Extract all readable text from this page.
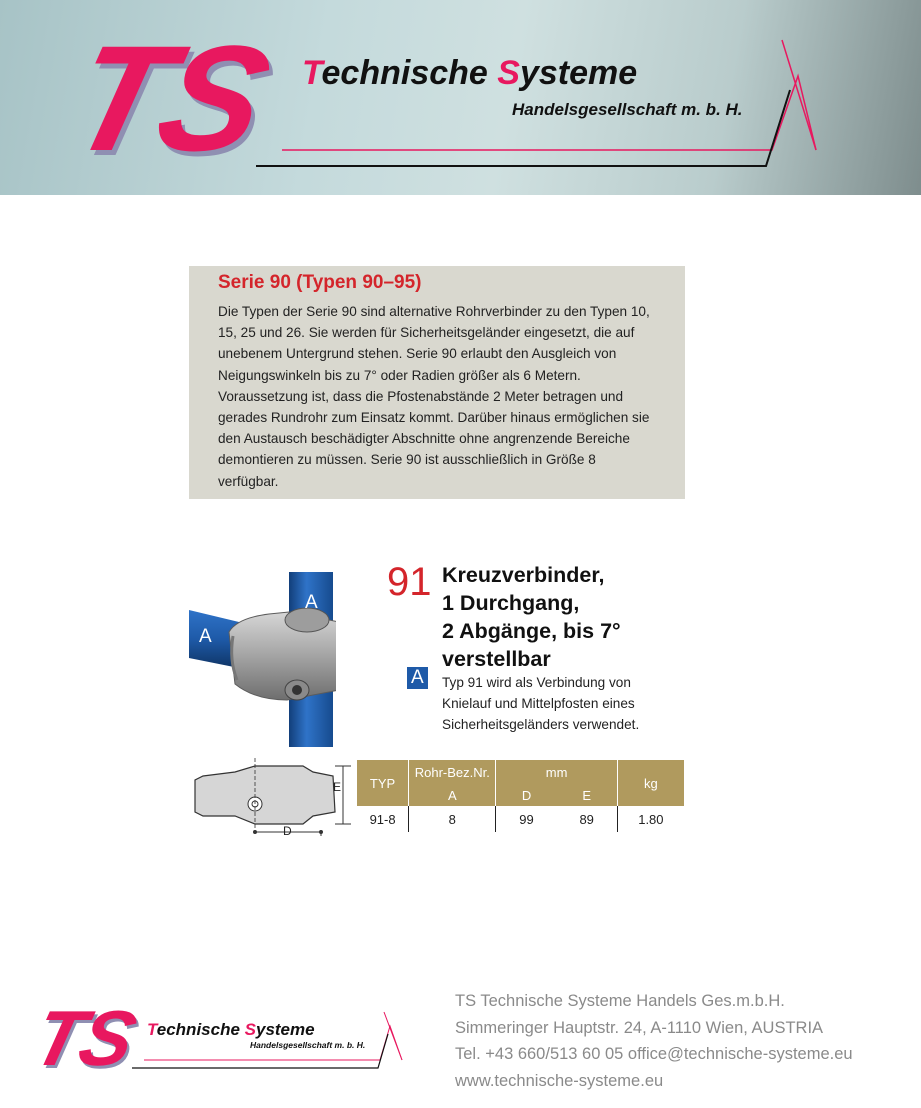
TS Technische Systeme
Handelsgesellschaft m. b. H.
Serie 90 (Typen 90–95)

Die Typen der Serie 90 sind alternative Rohrverbinder zu den Typen 10, 15, 25 und 26. Sie werden für Sicherheitsgeländer eingesetzt, die auf unebenem Untergrund stehen. Serie 90 erlaubt den Ausgleich von Neigungswinkeln bis zu 7° oder Radien größer als 6 Metern. Voraussetzung ist, dass die Pfostenabstände 2 Meter betragen und gerades Rundrohr zum Einsatz kommt. Darüber hinaus ermöglichen sie den Austausch beschädigter Abschnitte ohne angrenzende Bereiche demontieren zu müssen. Serie 90 ist ausschließlich in Größe 8 verfügbar.

A
A
A
91 Kreuzverbinder,
1 Durchgang,
2 Abgänge, bis 7°
verstellbar
Typ 91 wird als Verbindung von Knielauf und Mittelpfosten eines Sicherheitsgeländers verwendet.
E
D
TYP	Rohr-Bez.Nr.	mm		kg
	A	D	E	
91-8	8	99	89	1.80
TS Technische Systeme
Handelsgesellschaft m. b. H.
TS Technische Systeme Handels Ges.m.b.H.
Simmeringer Hauptstr. 24, A-1110 Wien, AUSTRIA
Tel. +43 660/513 60 05 office@technische-systeme.eu
www.technische-systeme.eu
